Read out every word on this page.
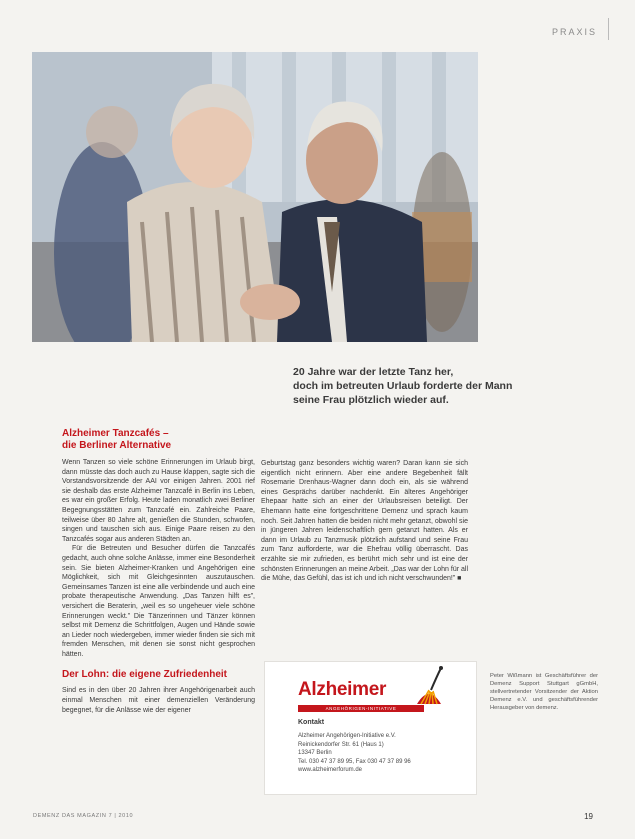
PRAXIS
20 Jahre war der letzte Tanz her,
doch im betreuten Urlaub forderte der Mann
seine Frau plötzlich wieder auf.
Alzheimer Tanzcafés –
die Berliner Alternative

Wenn Tanzen so viele schöne Erinnerungen im Urlaub birgt, dann müsste das doch auch zu Hause klappen, sagte sich die Vorstandsvorsitzende der AAI vor einigen Jahren. 2001 rief sie deshalb das erste Alzheimer Tanzcafé in Berlin ins Leben, es war ein großer Erfolg. Heute laden monatlich zwei Berliner Begegnungsstätten zum Tanzcafé ein. Zahlreiche Paare, teilweise über 80 Jahre alt, genießen die Stunden, schwofen, singen und tauschen sich aus. Einige Paare reisen zu den Tanzcafés sogar aus anderen Städten an.

Für die Betreuten und Besucher dürfen die Tanzcafés gedacht, auch ohne solche Anlässe, immer eine Besonderheit sein. Sie bieten Alzheimer-Kranken und Angehörigen eine Möglichkeit, sich mit Gleichgesinnten auszutauschen. Gemeinsames Tanzen ist eine alle verbindende und auch eine probate therapeutische Anwendung. „Das Tanzen hilft es”, versichert die Beraterin, „weil es so ungeheuer viele schöne Erinnerungen weckt.” Die Tänzerinnen und Tänzer können selbst mit Demenz die Schrittfolgen, Augen und Hände sowie an Lieder noch wiedergeben, immer wieder finden sie sich mit fremden Menschen, mit denen sie sonst nicht gesprochen hätten.

Der Lohn: die eigene Zufriedenheit

Sind es in den über 20 Jahren ihrer Angehörigenarbeit auch einmal Menschen mit einer demenziellen Veränderung begegnet, für die Anlässe wie der eigener

Geburtstag ganz besonders wichtig waren? Daran kann sie sich eigentlich nicht erinnern. Aber eine andere Begebenheit fällt Rosemarie Drenhaus-Wagner dann doch ein, als sie während eines Gesprächs darüber nachdenkt. Ein älteres Angehöriger Ehepaar hatte sich an einer der Urlaubsreisen beteiligt. Der Ehemann hatte eine fortgeschrittene Demenz und sprach kaum noch. Seit Jahren hatten die beiden nicht mehr getanzt, obwohl sie in jüngeren Jahren leidenschaftlich gern getanzt hatten. Als er dann im Urlaub zu Tanzmusik plötzlich aufstand und seine Frau zum Tanz aufforderte, war die Ehefrau völlig überrascht. Das erzählte sie mir zufrieden, es berührt mich sehr und ist eine der schönsten Erinnerungen an meine Arbeit. „Das war der Lohn für all die Mühe, das Gefühl, das ist ich und ich nicht verschwunden!” ■

Alzheimer
ANGEHÖRIGEN-INITIATIVE
Kontakt
Alzheimer Angehörigen-Initiative e.V.
Reinickendorfer Str. 61 (Haus 1)
13347 Berlin
Tel. 030 47 37 89 95, Fax 030 47 37 89 96
www.alzheimerforum.de
Peter Wißmann ist Geschäftsführer der Demenz Support Stuttgart gGmbH, stellvertretender Vorsitzender der Aktion Demenz e.V. und geschäftsführender Herausgeber von demenz.
DEMENZ DAS MAGAZIN 7 | 2010	19
